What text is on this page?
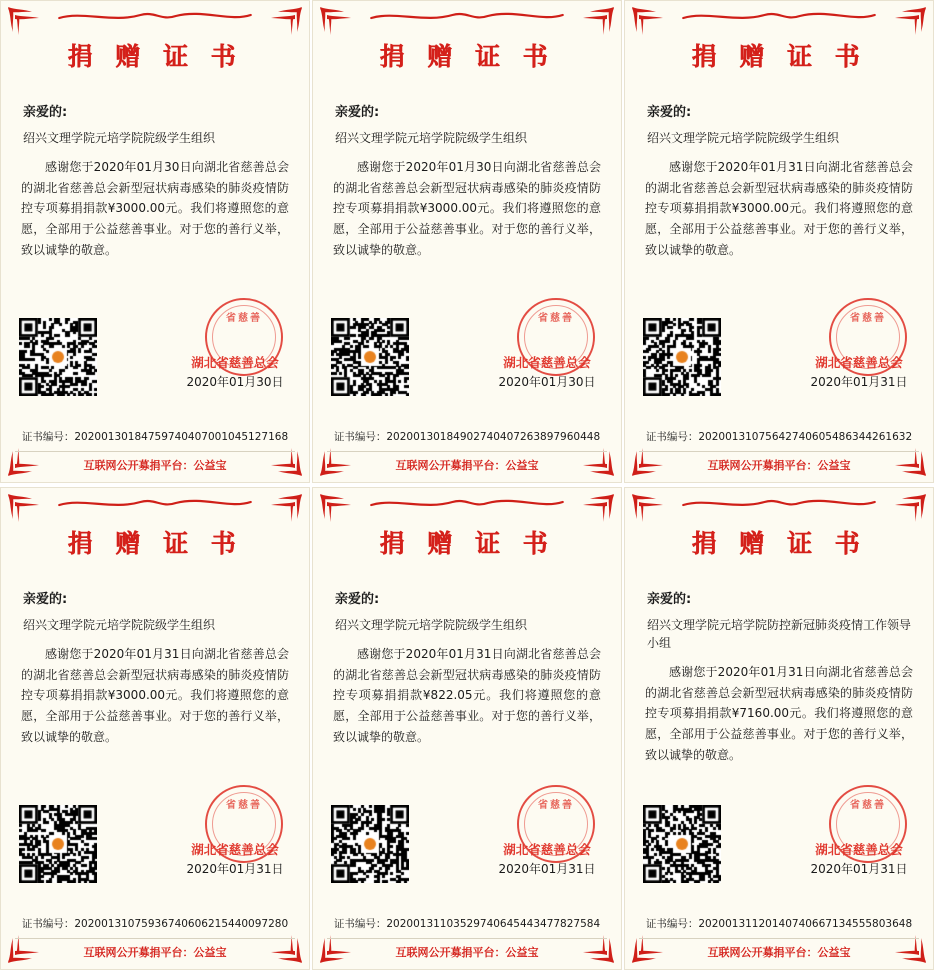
捐 赠 证 书
亲爱的:
绍兴文理学院元培学院院级学生组织
感谢您于2020年01月30日向湖北省慈善总会的湖北省慈善总会新型冠状病毒感染的肺炎疫情防控专项募捐捐款¥3000.00元。我们将遵照您的意愿，全部用于公益慈善事业。对于您的善行义举，致以诚挚的敬意。
省慈善
湖北省慈善总会
2020年01月30日
证书编号：20200130184759740407001045127168
互联网公开募捐平台：公益宝
捐 赠 证 书
亲爱的:
绍兴文理学院元培学院院级学生组织
感谢您于2020年01月30日向湖北省慈善总会的湖北省慈善总会新型冠状病毒感染的肺炎疫情防控专项募捐捐款¥3000.00元。我们将遵照您的意愿，全部用于公益慈善事业。对于您的善行义举，致以诚挚的敬意。
省慈善
湖北省慈善总会
2020年01月30日
证书编号：20200130184902740407263897960448
互联网公开募捐平台：公益宝
捐 赠 证 书
亲爱的:
绍兴文理学院元培学院院级学生组织
感谢您于2020年01月31日向湖北省慈善总会的湖北省慈善总会新型冠状病毒感染的肺炎疫情防控专项募捐捐款¥3000.00元。我们将遵照您的意愿，全部用于公益慈善事业。对于您的善行义举，致以诚挚的敬意。
省慈善
湖北省慈善总会
2020年01月31日
证书编号：20200131075642740605486344261632
互联网公开募捐平台：公益宝
捐 赠 证 书
亲爱的:
绍兴文理学院元培学院院级学生组织
感谢您于2020年01月31日向湖北省慈善总会的湖北省慈善总会新型冠状病毒感染的肺炎疫情防控专项募捐捐款¥3000.00元。我们将遵照您的意愿，全部用于公益慈善事业。对于您的善行义举，致以诚挚的敬意。
省慈善
湖北省慈善总会
2020年01月31日
证书编号：20200131075936740606215440097280
互联网公开募捐平台：公益宝
捐 赠 证 书
亲爱的:
绍兴文理学院元培学院院级学生组织
感谢您于2020年01月31日向湖北省慈善总会的湖北省慈善总会新型冠状病毒感染的肺炎疫情防控专项募捐捐款¥822.05元。我们将遵照您的意愿，全部用于公益慈善事业。对于您的善行义举，致以诚挚的敬意。
省慈善
湖北省慈善总会
2020年01月31日
证书编号：20200131103529740645443477827584
互联网公开募捐平台：公益宝
捐 赠 证 书
亲爱的:
绍兴文理学院元培学院防控新冠肺炎疫情工作领导小组
感谢您于2020年01月31日向湖北省慈善总会的湖北省慈善总会新型冠状病毒感染的肺炎疫情防控专项募捐捐款¥7160.00元。我们将遵照您的意愿，全部用于公益慈善事业。对于您的善行义举，致以诚挚的敬意。
省慈善
湖北省慈善总会
2020年01月31日
证书编号：20200131120140740667134555803648
互联网公开募捐平台：公益宝
